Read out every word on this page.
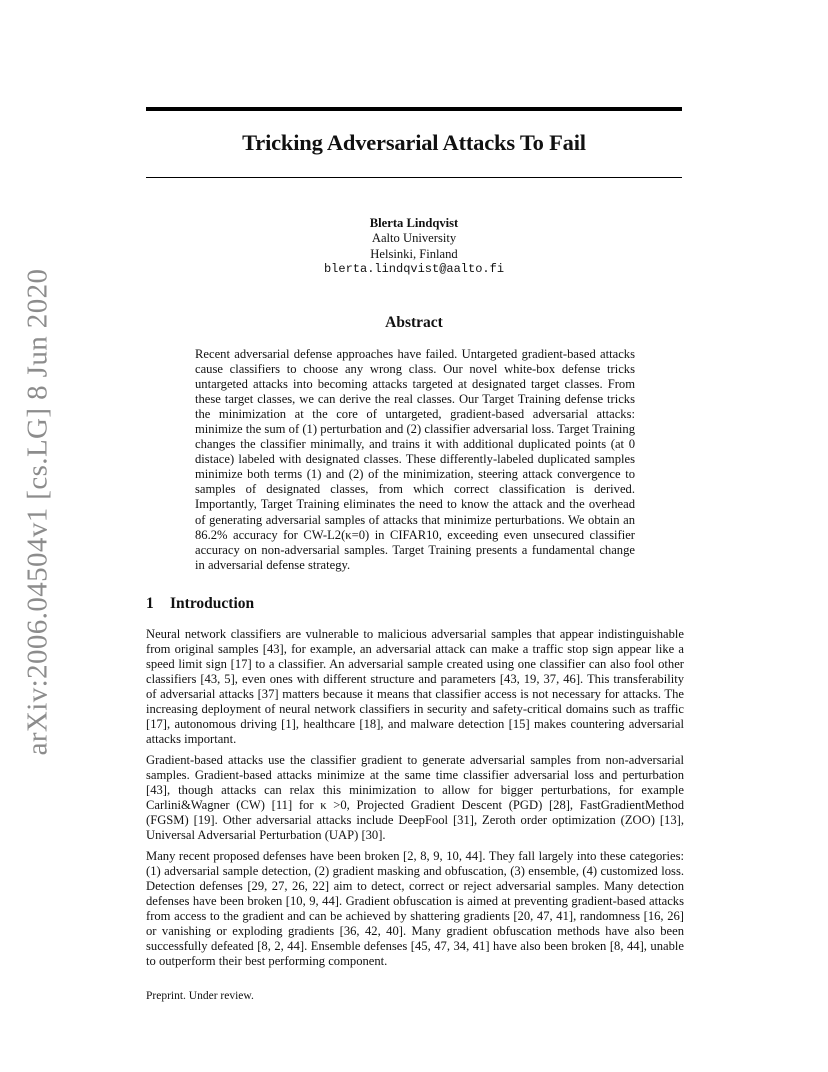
Tricking Adversarial Attacks To Fail
Blerta Lindqvist
Aalto University
Helsinki, Finland
blerta.lindqvist@aalto.fi
arXiv:2006.04504v1 [cs.LG] 8 Jun 2020	Abstract
Recent adversarial defense approaches have failed. Untargeted gradient-based attacks cause classifiers to choose any wrong class. Our novel white-box defense tricks untargeted attacks into becoming attacks targeted at designated target classes. From these target classes, we can derive the real classes. Our Target Training defense tricks the minimization at the core of untargeted, gradient-based adversarial attacks: minimize the sum of (1) perturbation and (2) classifier adversarial loss. Target Training changes the classifier minimally, and trains it with additional duplicated points (at 0 distace) labeled with designated classes. These differently-labeled duplicated samples minimize both terms (1) and (2) of the minimization, steering attack convergence to samples of designated classes, from which correct classification is derived. Importantly, Target Training eliminates the need to know the attack and the overhead of generating adversarial samples of attacks that minimize perturbations. We obtain an 86.2% accuracy for CW-L2(κ=0) in CIFAR10, exceeding even unsecured classifier accuracy on non-adversarial samples. Target Training presents a fundamental change in adversarial defense strategy.
1 Introduction
Neural network classifiers are vulnerable to malicious adversarial samples that appear indistinguishable from original samples [43], for example, an adversarial attack can make a traffic stop sign appear like a speed limit sign [17] to a classifier. An adversarial sample created using one classifier can also fool other classifiers [43, 5], even ones with different structure and parameters [43, 19, 37, 46]. This transferability of adversarial attacks [37] matters because it means that classifier access is not necessary for attacks. The increasing deployment of neural network classifiers in security and safety-critical domains such as traffic [17], autonomous driving [1], healthcare [18], and malware detection [15] makes countering adversarial attacks important.
Gradient-based attacks use the classifier gradient to generate adversarial samples from non-adversarial samples. Gradient-based attacks minimize at the same time classifier adversarial loss and perturbation [43], though attacks can relax this minimization to allow for bigger perturbations, for example Carlini&Wagner (CW) [11] for κ >0, Projected Gradient Descent (PGD) [28], FastGradientMethod (FGSM) [19]. Other adversarial attacks include DeepFool [31], Zeroth order optimization (ZOO) [13], Universal Adversarial Perturbation (UAP) [30].
Many recent proposed defenses have been broken [2, 8, 9, 10, 44]. They fall largely into these categories: (1) adversarial sample detection, (2) gradient masking and obfuscation, (3) ensemble, (4) customized loss. Detection defenses [29, 27, 26, 22] aim to detect, correct or reject adversarial samples. Many detection defenses have been broken [10, 9, 44]. Gradient obfuscation is aimed at preventing gradient-based attacks from access to the gradient and can be achieved by shattering gradients [20, 47, 41], randomness [16, 26] or vanishing or exploding gradients [36, 42, 40]. Many gradient obfuscation methods have also been successfully defeated [8, 2, 44]. Ensemble defenses [45, 47, 34, 41] have also been broken [8, 44], unable to outperform their best performing component.
Preprint. Under review.
